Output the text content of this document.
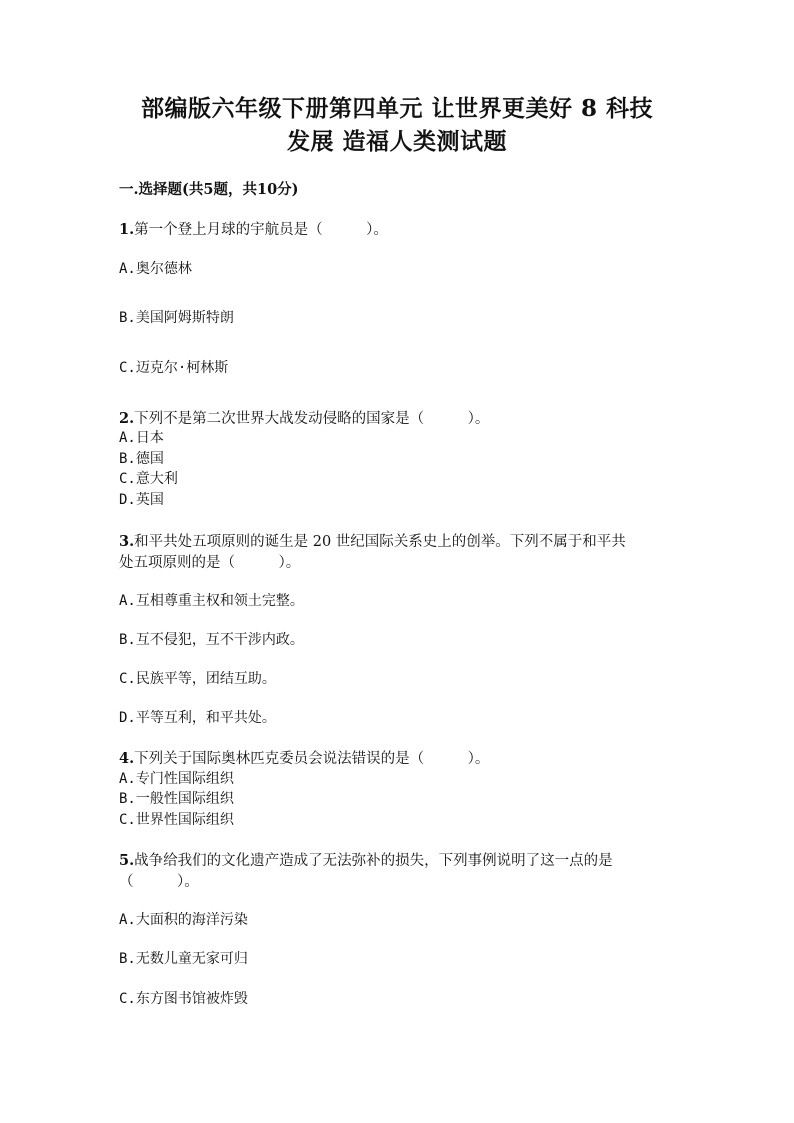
部编版六年级下册第四单元 让世界更美好 8 科技
发展 造福人类测试题
一.选择题(共5题，共10分)
1.第一个登上月球的宇航员是（　　　）。
A.奥尔德林
B.美国阿姆斯特朗
C.迈克尔·柯林斯
2.下列不是第二次世界大战发动侵略的国家是（　　　）。
A.日本
B.德国
C.意大利
D.英国
3.和平共处五项原则的诞生是 20 世纪国际关系史上的创举。下列不属于和平共
处五项原则的是（　　　）。
A.互相尊重主权和领土完整。
B.互不侵犯，互不干涉内政。
C.民族平等，团结互助。
D.平等互利，和平共处。
4.下列关于国际奥林匹克委员会说法错误的是（　　　）。
A.专门性国际组织
B.一般性国际组织
C.世界性国际组织
5.战争给我们的文化遗产造成了无法弥补的损失，下列事例说明了这一点的是
（　　　）。
A.大面积的海洋污染
B.无数儿童无家可归
C.东方图书馆被炸毁
